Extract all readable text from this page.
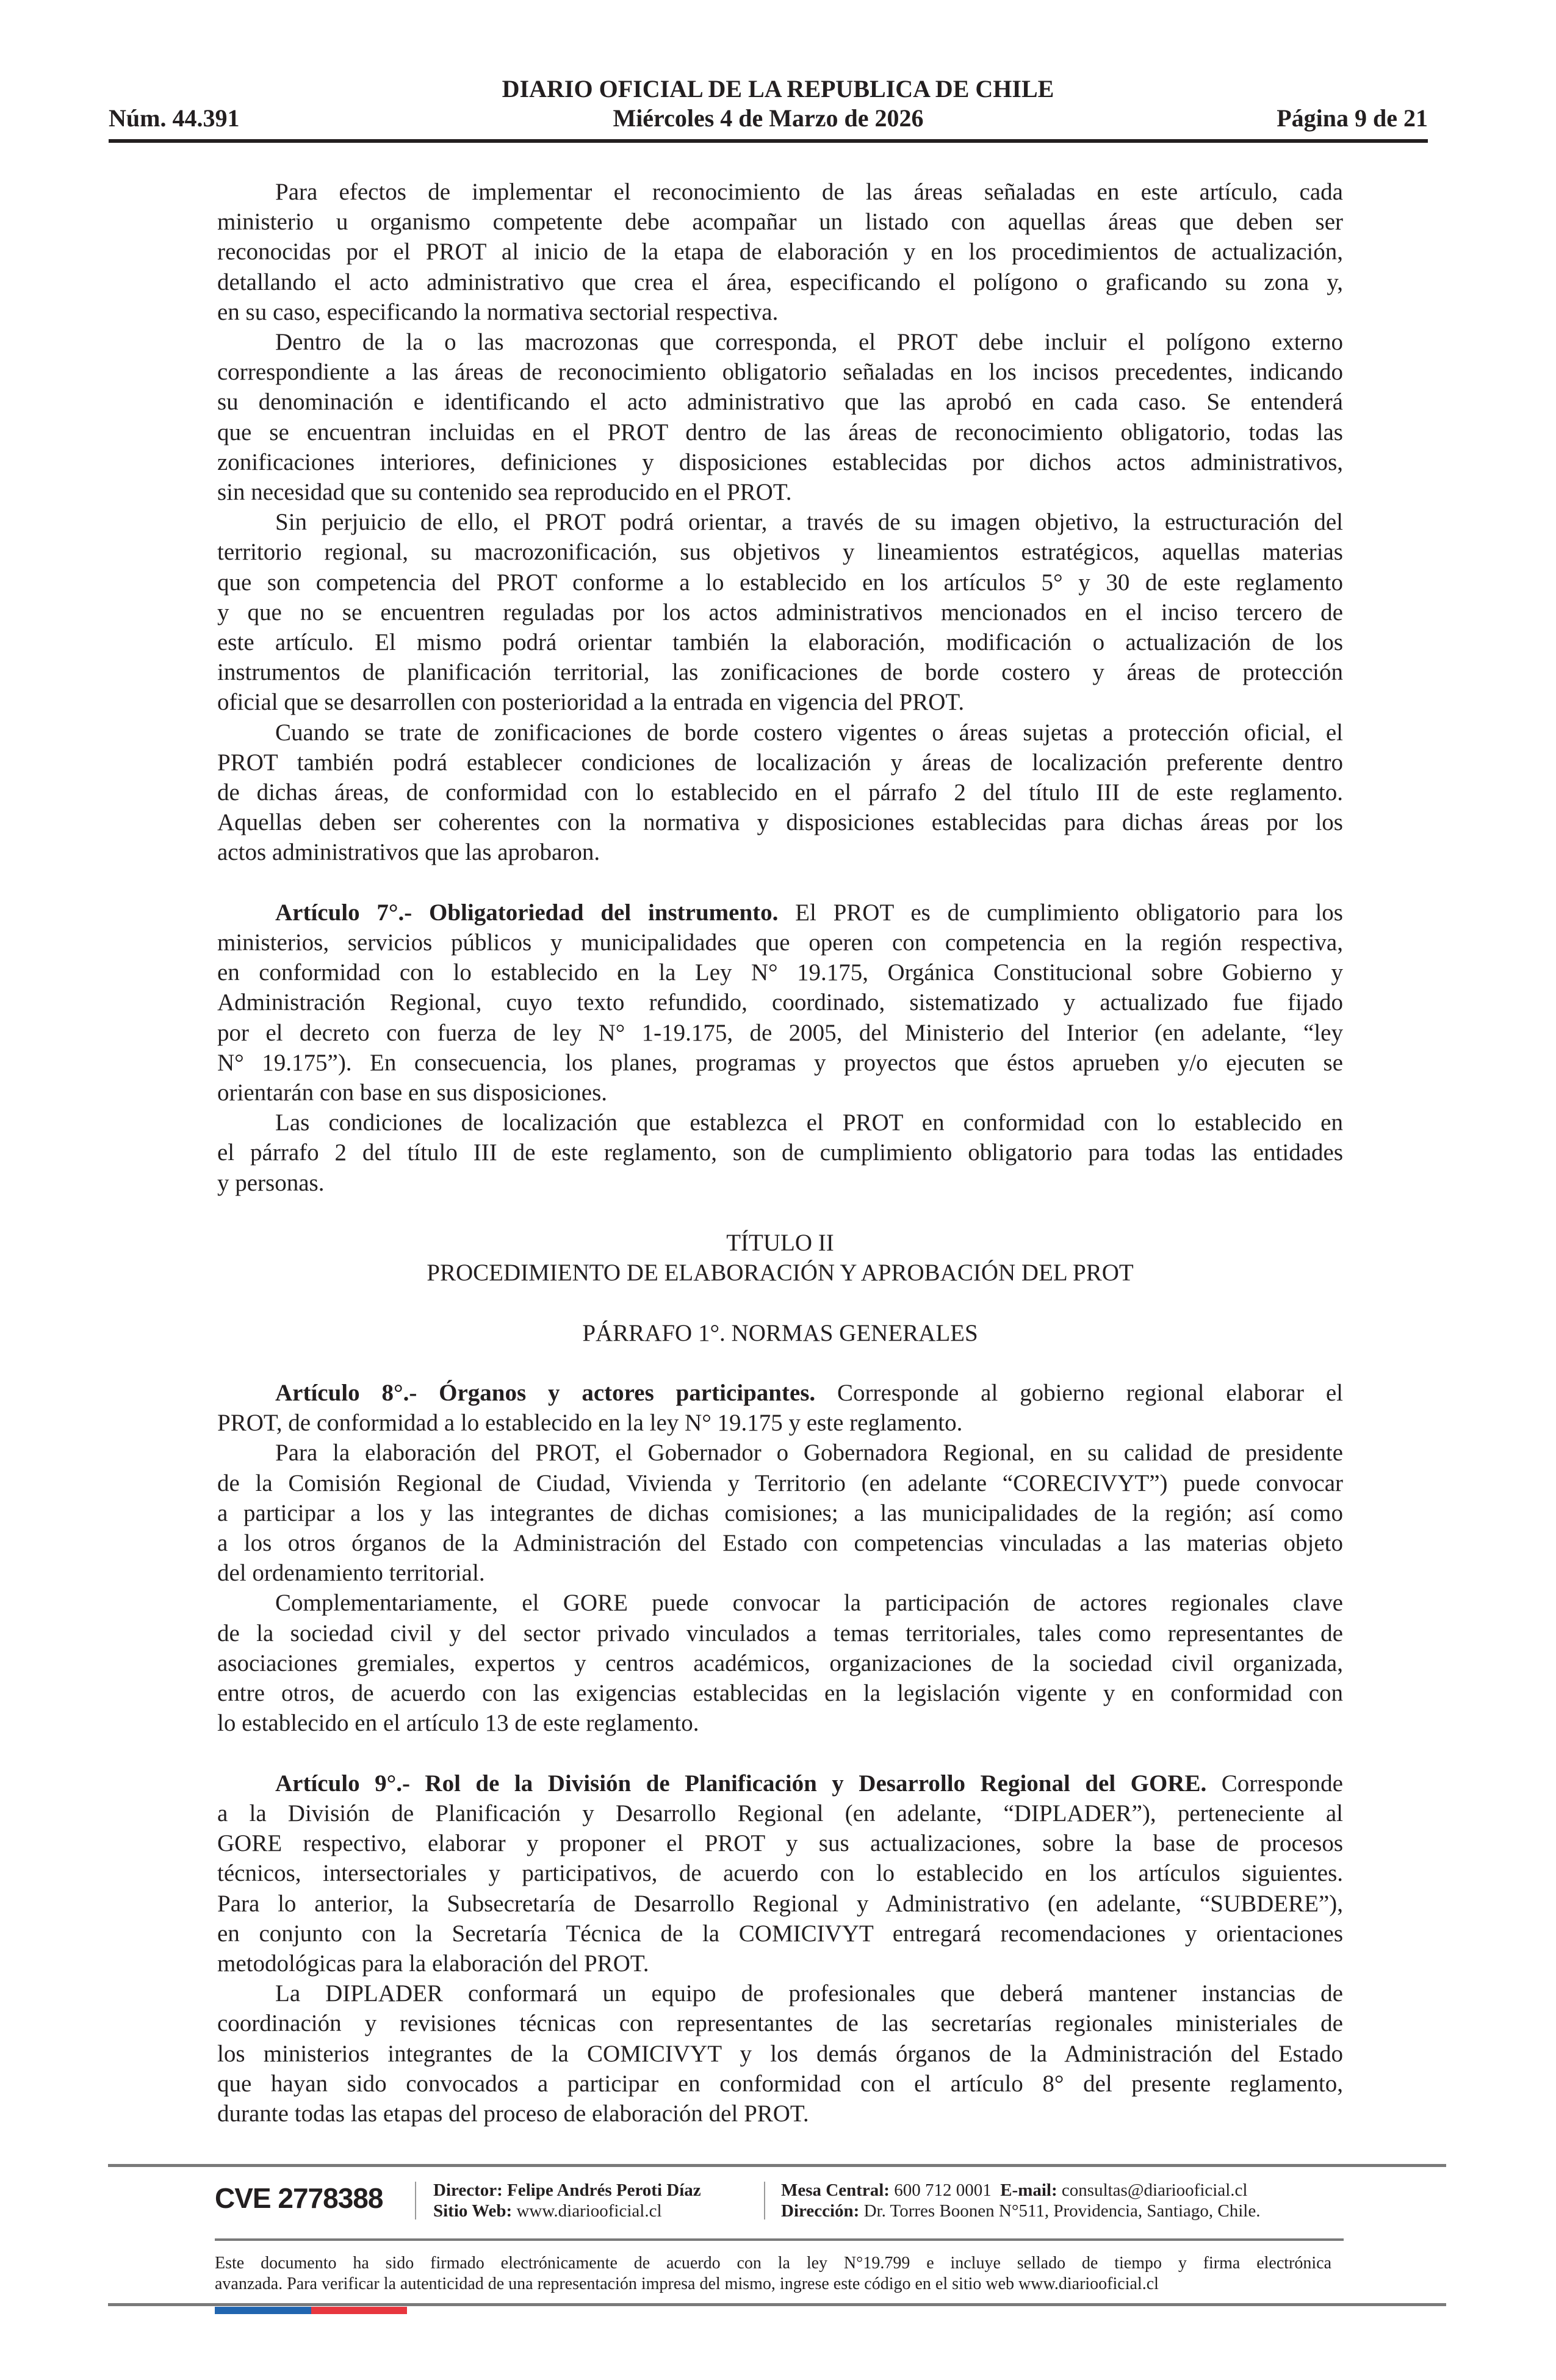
DIARIO OFICIAL DE LA REPUBLICA DE CHILE
Núm. 44.391	Miércoles 4 de Marzo de 2026	Página 9 de 21
Para efectos de implementar el reconocimiento de las áreas señaladas en este artículo, cada
ministerio u organismo competente debe acompañar un listado con aquellas áreas que deben ser
reconocidas por el PROT al inicio de la etapa de elaboración y en los procedimientos de actualización,
detallando el acto administrativo que crea el área, especificando el polígono o graficando su zona y,
en su caso, especificando la normativa sectorial respectiva.
Dentro de la o las macrozonas que corresponda, el PROT debe incluir el polígono externo
correspondiente a las áreas de reconocimiento obligatorio señaladas en los incisos precedentes, indicando
su denominación e identificando el acto administrativo que las aprobó en cada caso. Se entenderá
que se encuentran incluidas en el PROT dentro de las áreas de reconocimiento obligatorio, todas las
zonificaciones interiores, definiciones y disposiciones establecidas por dichos actos administrativos,
sin necesidad que su contenido sea reproducido en el PROT.
Sin perjuicio de ello, el PROT podrá orientar, a través de su imagen objetivo, la estructuración del
territorio regional, su macrozonificación, sus objetivos y lineamientos estratégicos, aquellas materias
que son competencia del PROT conforme a lo establecido en los artículos 5° y 30 de este reglamento
y que no se encuentren reguladas por los actos administrativos mencionados en el inciso tercero de
este artículo. El mismo podrá orientar también la elaboración, modificación o actualización de los
instrumentos de planificación territorial, las zonificaciones de borde costero y áreas de protección
oficial que se desarrollen con posterioridad a la entrada en vigencia del PROT.
Cuando se trate de zonificaciones de borde costero vigentes o áreas sujetas a protección oficial, el
PROT también podrá establecer condiciones de localización y áreas de localización preferente dentro
de dichas áreas, de conformidad con lo establecido en el párrafo 2 del título III de este reglamento.
Aquellas deben ser coherentes con la normativa y disposiciones establecidas para dichas áreas por los
actos administrativos que las aprobaron.
Artículo 7°.- Obligatoriedad del instrumento. El PROT es de cumplimiento obligatorio para los
ministerios, servicios públicos y municipalidades que operen con competencia en la región respectiva,
en conformidad con lo establecido en la Ley N° 19.175, Orgánica Constitucional sobre Gobierno y
Administración Regional, cuyo texto refundido, coordinado, sistematizado y actualizado fue fijado
por el decreto con fuerza de ley N° 1-19.175, de 2005, del Ministerio del Interior (en adelante, “ley
N° 19.175”). En consecuencia, los planes, programas y proyectos que éstos aprueben y/o ejecuten se
orientarán con base en sus disposiciones.
Las condiciones de localización que establezca el PROT en conformidad con lo establecido en
el párrafo 2 del título III de este reglamento, son de cumplimiento obligatorio para todas las entidades
y personas.
TÍTULO II
PROCEDIMIENTO DE ELABORACIÓN Y APROBACIÓN DEL PROT
PÁRRAFO 1°. NORMAS GENERALES
Artículo 8°.- Órganos y actores participantes. Corresponde al gobierno regional elaborar el
PROT, de conformidad a lo establecido en la ley N° 19.175 y este reglamento.
Para la elaboración del PROT, el Gobernador o Gobernadora Regional, en su calidad de presidente
de la Comisión Regional de Ciudad, Vivienda y Territorio (en adelante “CORECIVYT”) puede convocar
a participar a los y las integrantes de dichas comisiones; a las municipalidades de la región; así como
a los otros órganos de la Administración del Estado con competencias vinculadas a las materias objeto
del ordenamiento territorial.
Complementariamente, el GORE puede convocar la participación de actores regionales clave
de la sociedad civil y del sector privado vinculados a temas territoriales, tales como representantes de
asociaciones gremiales, expertos y centros académicos, organizaciones de la sociedad civil organizada,
entre otros, de acuerdo con las exigencias establecidas en la legislación vigente y en conformidad con
lo establecido en el artículo 13 de este reglamento.
Artículo 9°.- Rol de la División de Planificación y Desarrollo Regional del GORE. Corresponde
a la División de Planificación y Desarrollo Regional (en adelante, “DIPLADER”), perteneciente al
GORE respectivo, elaborar y proponer el PROT y sus actualizaciones, sobre la base de procesos
técnicos, intersectoriales y participativos, de acuerdo con lo establecido en los artículos siguientes.
Para lo anterior, la Subsecretaría de Desarrollo Regional y Administrativo (en adelante, “SUBDERE”),
en conjunto con la Secretaría Técnica de la COMICIVYT entregará recomendaciones y orientaciones
metodológicas para la elaboración del PROT.
La DIPLADER conformará un equipo de profesionales que deberá mantener instancias de
coordinación y revisiones técnicas con representantes de las secretarías regionales ministeriales de
los ministerios integrantes de la COMICIVYT y los demás órganos de la Administración del Estado
que hayan sido convocados a participar en conformidad con el artículo 8° del presente reglamento,
durante todas las etapas del proceso de elaboración del PROT.
CVE 2778388	Director: Felipe Andrés Peroti Díaz
Sitio Web: www.diariooficial.cl
Mesa Central: 600 712 0001 E-mail: consultas@diariooficial.cl
Dirección: Dr. Torres Boonen N°511, Providencia, Santiago, Chile.
Este documento ha sido firmado electrónicamente de acuerdo con la ley N°19.799 e incluye sellado de tiempo y firma electrónica
avanzada. Para verificar la autenticidad de una representación impresa del mismo, ingrese este código en el sitio web www.diariooficial.cl
